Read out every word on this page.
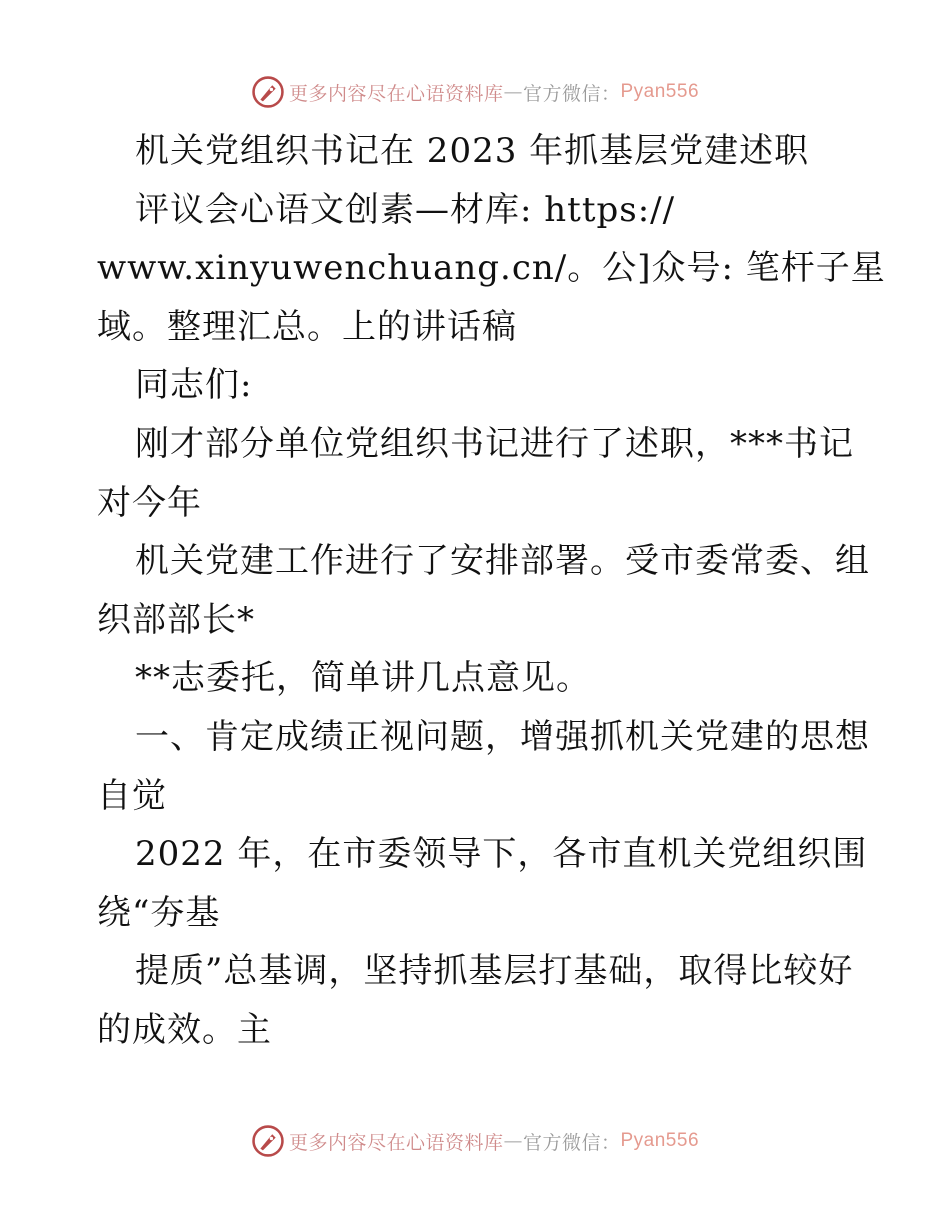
更多内容尽在心语资料库 — 官方微信： Pyan556
机关党组织书记在 2023 年抓基层党建述职
评议会心语文创素—材库: https://
www.xinyuwenchuang.cn/。公]众号: 笔杆子星
域。整理汇总。上的讲话稿
同志们:
刚才部分单位党组织书记进行了述职，***书记
对今年
机关党建工作进行了安排部署。受市委常委、组
织部部长*
**志委托，简单讲几点意见。
一、肯定成绩正视问题，增强抓机关党建的思想
自觉
2022 年，在市委领导下，各市直机关党组织围
绕“夯基
提质”总基调，坚持抓基层打基础，取得比较好
的成效。主
更多内容尽在心语资料库 — 官方微信： Pyan556
